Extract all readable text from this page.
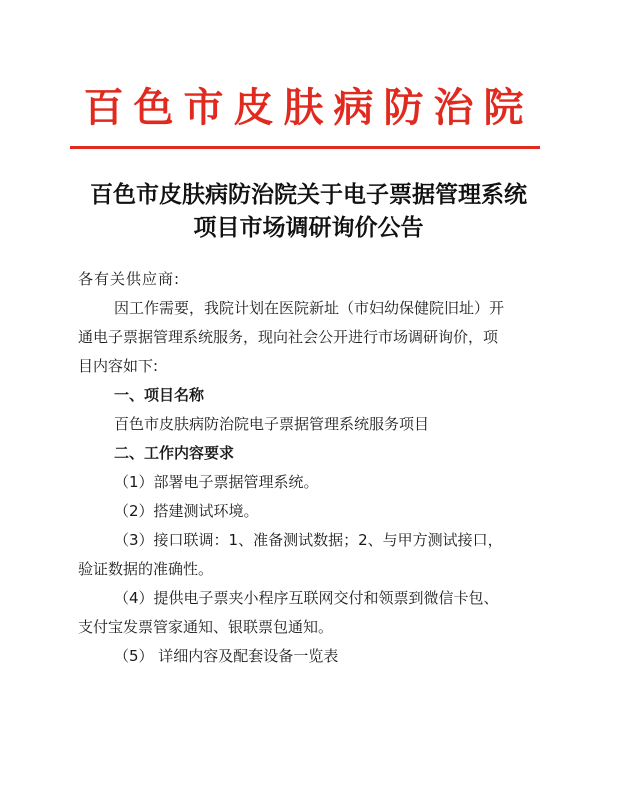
百色市皮肤病防治院
百色市皮肤病防治院关于电子票据管理系统
项目市场调研询价公告

各有关供应商:

因工作需要，我院计划在医院新址（市妇幼保健院旧址）开

通电子票据管理系统服务，现向社会公开进行市场调研询价，项

目内容如下:

一、项目名称

百色市皮肤病防治院电子票据管理系统服务项目

二、工作内容要求

（1）部署电子票据管理系统。

（2）搭建测试环境。

（3）接口联调：1、准备测试数据；2、与甲方测试接口，

验证数据的准确性。

（4）提供电子票夹小程序互联网交付和领票到微信卡包、

支付宝发票管家通知、银联票包通知。

（5） 详细内容及配套设备一览表
